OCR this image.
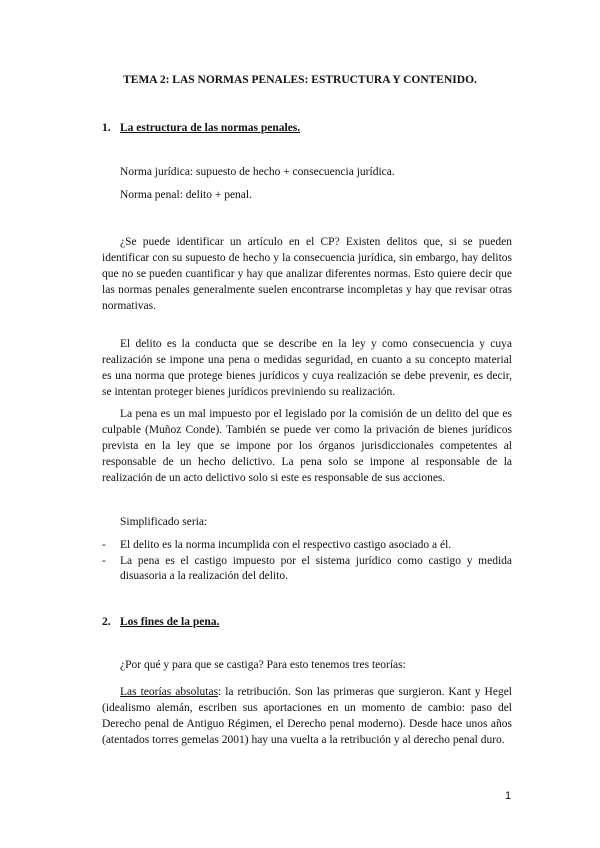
TEMA 2: LAS NORMAS PENALES: ESTRUCTURA Y CONTENIDO.
1. La estructura de las normas penales.
Norma jurídica: supuesto de hecho + consecuencia jurídica.
Norma penal: delito + penal.
¿Se puede identificar un artículo en el CP? Existen delitos que, si se pueden identificar con su supuesto de hecho y la consecuencia jurídica, sin embargo, hay delitos que no se pueden cuantificar y hay que analizar diferentes normas. Esto quiere decir que las normas penales generalmente suelen encontrarse incompletas y hay que revisar otras normativas.
El delito es la conducta que se describe en la ley y como consecuencia y cuya realización se impone una pena o medidas seguridad, en cuanto a su concepto material es una norma que protege bienes jurídicos y cuya realización se debe prevenir, es decir, se intentan proteger bienes jurídicos previniendo su realización.
La pena es un mal impuesto por el legislado por la comisión de un delito del que es culpable (Muñoz Conde). También se puede ver como la privación de bienes jurídicos prevista en la ley que se impone por los órganos jurisdiccionales competentes al responsable de un hecho delictivo. La pena solo se impone al responsable de la realización de un acto delictivo solo si este es responsable de sus acciones.
Simplificado seria:
-	El delito es la norma incumplida con el respectivo castigo asociado a él.
-	La pena es el castigo impuesto por el sistema jurídico como castigo y medida disuasoria a la realización del delito.
2. Los fines de la pena.
¿Por qué y para que se castiga? Para esto tenemos tres teorías:
Las teorías absolutas: la retribución. Son las primeras que surgieron. Kant y Hegel (idealismo alemán, escriben sus aportaciones en un momento de cambio: paso del Derecho penal de Antiguo Régimen, el Derecho penal moderno). Desde hace unos años (atentados torres gemelas 2001) hay una vuelta a la retribución y al derecho penal duro.
1
